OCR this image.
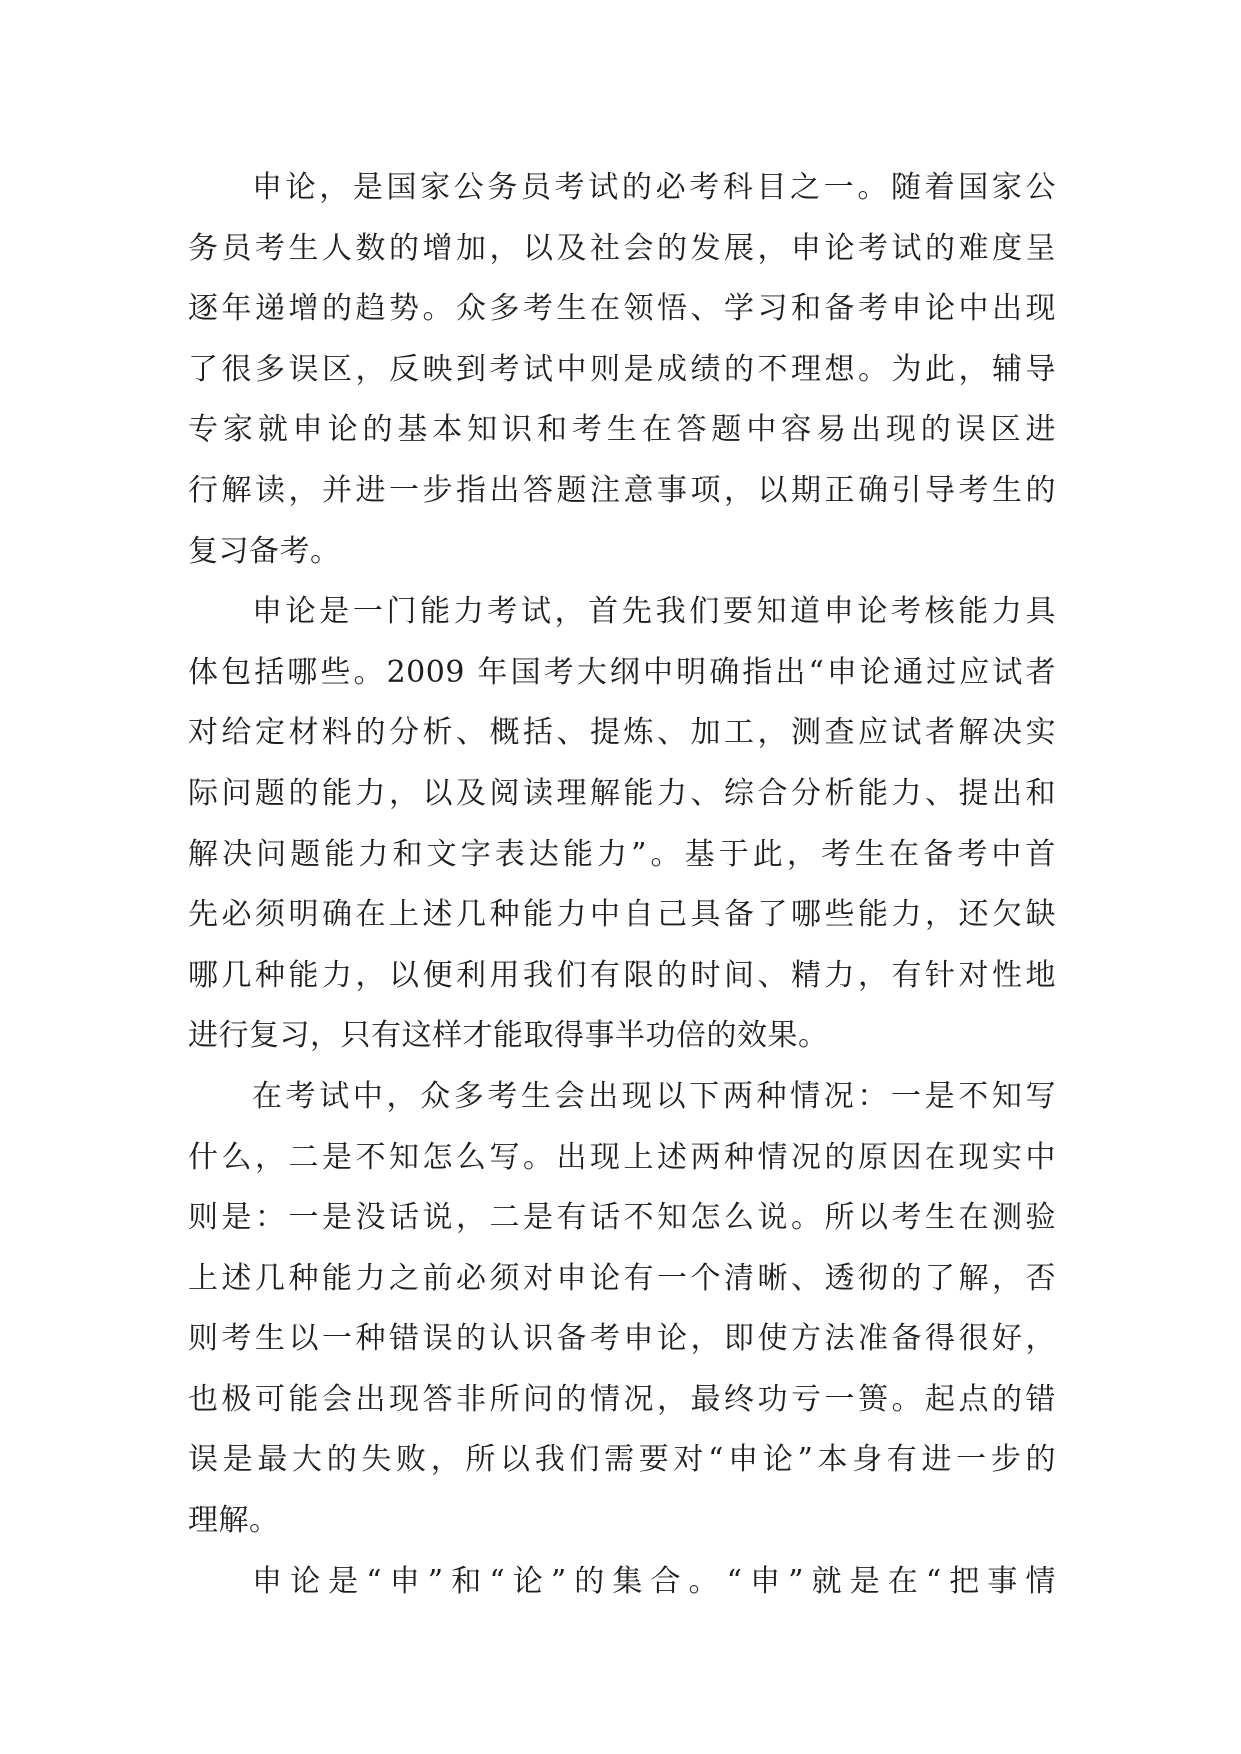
申论，是国家公务员考试的必考科目之一。随着国家公
务员考生人数的增加，以及社会的发展，申论考试的难度呈
逐年递增的趋势。众多考生在领悟、学习和备考申论中出现
了很多误区，反映到考试中则是成绩的不理想。为此，辅导
专家就申论的基本知识和考生在答题中容易出现的误区进
行解读，并进一步指出答题注意事项，以期正确引导考生的
复习备考。
申论是一门能力考试，首先我们要知道申论考核能力具
体包括哪些。2009 年国考大纲中明确指出“申论通过应试者
对给定材料的分析、概括、提炼、加工，测查应试者解决实
际问题的能力，以及阅读理解能力、综合分析能力、提出和
解决问题能力和文字表达能力”。基于此，考生在备考中首
先必须明确在上述几种能力中自己具备了哪些能力，还欠缺
哪几种能力，以便利用我们有限的时间、精力，有针对性地
进行复习，只有这样才能取得事半功倍的效果。
在考试中，众多考生会出现以下两种情况：一是不知写
什么，二是不知怎么写。出现上述两种情况的原因在现实中
则是：一是没话说，二是有话不知怎么说。所以考生在测验
上述几种能力之前必须对申论有一个清晰、透彻的了解，否
则考生以一种错误的认识备考申论，即使方法准备得很好，
也极可能会出现答非所问的情况，最终功亏一篑。起点的错
误是最大的失败，所以我们需要对“申论”本身有进一步的
理解。
申论是“申”和“论”的集合。“申”就是在“把事情
